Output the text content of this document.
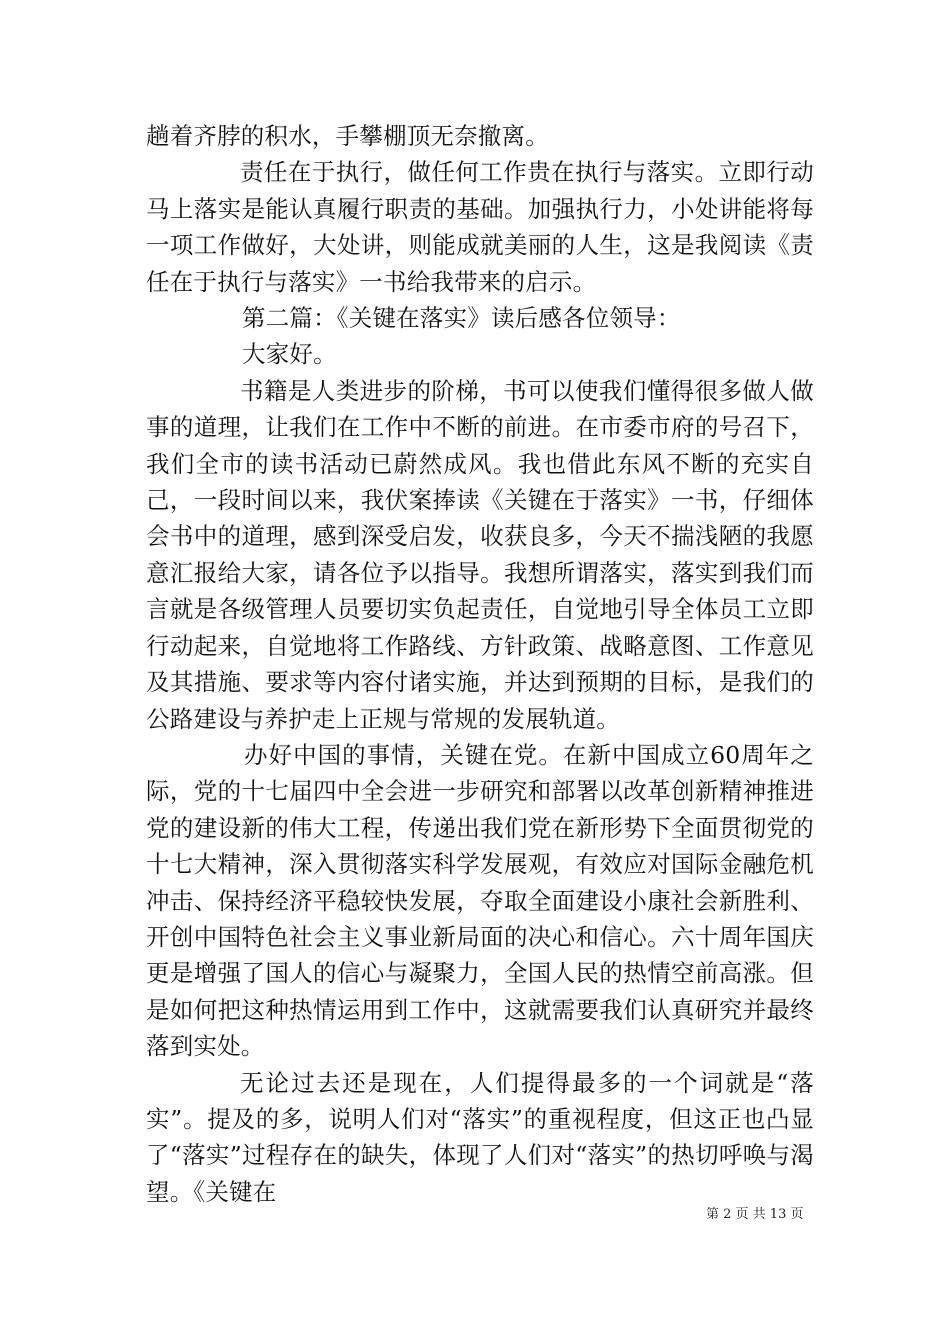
趟着齐脖的积水，手攀棚顶无奈撤离。

责任在于执行，做任何工作贵在执行与落实。立即行动马上落实是能认真履行职责的基础。加强执行力，小处讲能将每一项工作做好，大处讲，则能成就美丽的人生，这是我阅读《责任在于执行与落实》一书给我带来的启示。

第二篇：《关键在落实》读后感各位领导：

大家好。

书籍是人类进步的阶梯，书可以使我们懂得很多做人做事的道理，让我们在工作中不断的前进。在市委市府的号召下，我们全市的读书活动已蔚然成风。我也借此东风不断的充实自己，一段时间以来，我伏案捧读《关键在于落实》一书，仔细体会书中的道理，感到深受启发，收获良多，今天不揣浅陋的我愿意汇报给大家，请各位予以指导。我想所谓落实，落实到我们而言就是各级管理人员要切实负起责任，自觉地引导全体员工立即行动起来，自觉地将工作路线、方针政策、战略意图、工作意见及其措施、要求等内容付诸实施，并达到预期的目标，是我们的公路建设与养护走上正规与常规的发展轨道。

办好中国的事情，关键在党。在新中国成立60周年之际，党的十七届四中全会进一步研究和部署以改革创新精神推进党的建设新的伟大工程，传递出我们党在新形势下全面贯彻党的十七大精神，深入贯彻落实科学发展观，有效应对国际金融危机冲击、保持经济平稳较快发展，夺取全面建设小康社会新胜利、开创中国特色社会主义事业新局面的决心和信心。六十周年国庆更是增强了国人的信心与凝聚力，全国人民的热情空前高涨。但是如何把这种热情运用到工作中，这就需要我们认真研究并最终落到实处。

无论过去还是现在，人们提得最多的一个词就是“落实”。提及的多，说明人们对“落实”的重视程度，但这正也凸显了“落实”过程存在的缺失，体现了人们对“落实”的热切呼唤与渴望。《关键在

第 2 页 共 13 页
